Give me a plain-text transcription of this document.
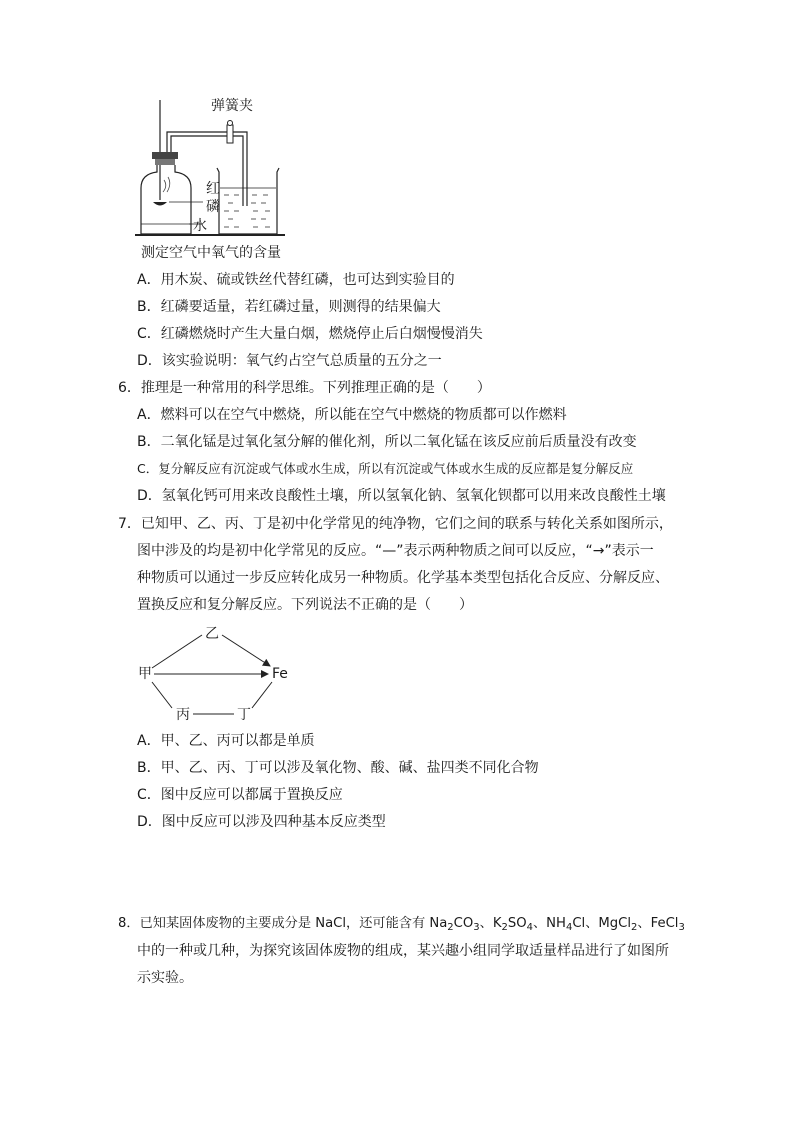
弹簧夹
红
磷
水
测定空气中氧气的含量
A．用木炭、硫或铁丝代替红磷，也可达到实验目的
B．红磷要适量，若红磷过量，则测得的结果偏大
C．红磷燃烧时产生大量白烟，燃烧停止后白烟慢慢消失
D．该实验说明：氧气约占空气总质量的五分之一
6．推理是一种常用的科学思维。下列推理正确的是（　　）
A．燃料可以在空气中燃烧，所以能在空气中燃烧的物质都可以作燃料
B．二氧化锰是过氧化氢分解的催化剂，所以二氧化锰在该反应前后质量没有改变
C．复分解反应有沉淀或气体或水生成，所以有沉淀或气体或水生成的反应都是复分解反应
D．氢氧化钙可用来改良酸性土壤，所以氢氧化钠、氢氧化钡都可以用来改良酸性土壤
7．已知甲、乙、丙、丁是初中化学常见的纯净物，它们之间的联系与转化关系如图所示，
图中涉及的均是初中化学常见的反应。“—”表示两种物质之间可以反应，“→”表示一
种物质可以通过一步反应转化成另一种物质。化学基本类型包括化合反应、分解反应、
置换反应和复分解反应。下列说法不正确的是（　　）
甲
乙
Fe
丙	丁
A．甲、乙、丙可以都是单质
B．甲、乙、丙、丁可以涉及氧化物、酸、碱、盐四类不同化合物
C．图中反应可以都属于置换反应
D．图中反应可以涉及四种基本反应类型
8．已知某固体废物的主要成分是 NaCl，还可能含有 $Na_2CO_3$、$K_2SO_4$、$NH_4Cl$、MgCl$_2$、FeCl$_3$
中的一种或几种，为探究该固体废物的组成，某兴趣小组同学取适量样品进行了如图所
示实验。
